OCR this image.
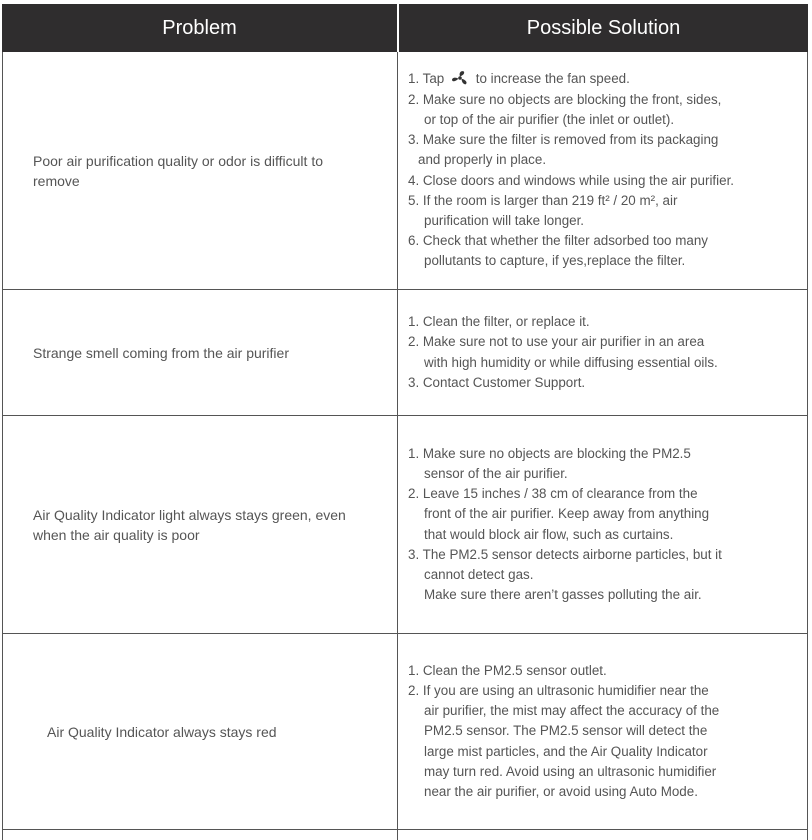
Problem	Possible Solution
Poor air purification quality or odor is difficult to remove
1. Tap to increase the fan speed.
2. Make sure no objects are blocking the front, sides,
or top of the air purifier (the inlet or outlet).
3. Make sure the filter is removed from its packaging
and properly in place.
4. Close doors and windows while using the air purifier.
5. If the room is larger than 219 ft² / 20 m², air
purification will take longer.
6. Check that whether the filter adsorbed too many
pollutants to capture, if yes,replace the filter.
Strange smell coming from the air purifier
1. Clean the filter, or replace it.
2. Make sure not to use your air purifier in an area
with high humidity or while diffusing essential oils.
3. Contact Customer Support.
Air Quality Indicator light always stays green, even when the air quality is poor
1. Make sure no objects are blocking the PM2.5
sensor of the air purifier.
2. Leave 15 inches / 38 cm of clearance from the
front of the air purifier. Keep away from anything
that would block air flow, such as curtains.
3. The PM2.5 sensor detects airborne particles, but it
cannot detect gas.
Make sure there aren’t gasses polluting the air.
Air Quality Indicator always stays red
1. Clean the PM2.5 sensor outlet.
2. If you are using an ultrasonic humidifier near the
air purifier, the mist may affect the accuracy of the
PM2.5 sensor. The PM2.5 sensor will detect the
large mist particles, and the Air Quality Indicator
may turn red. Avoid using an ultrasonic humidifier
near the air purifier, or avoid using Auto Mode.
